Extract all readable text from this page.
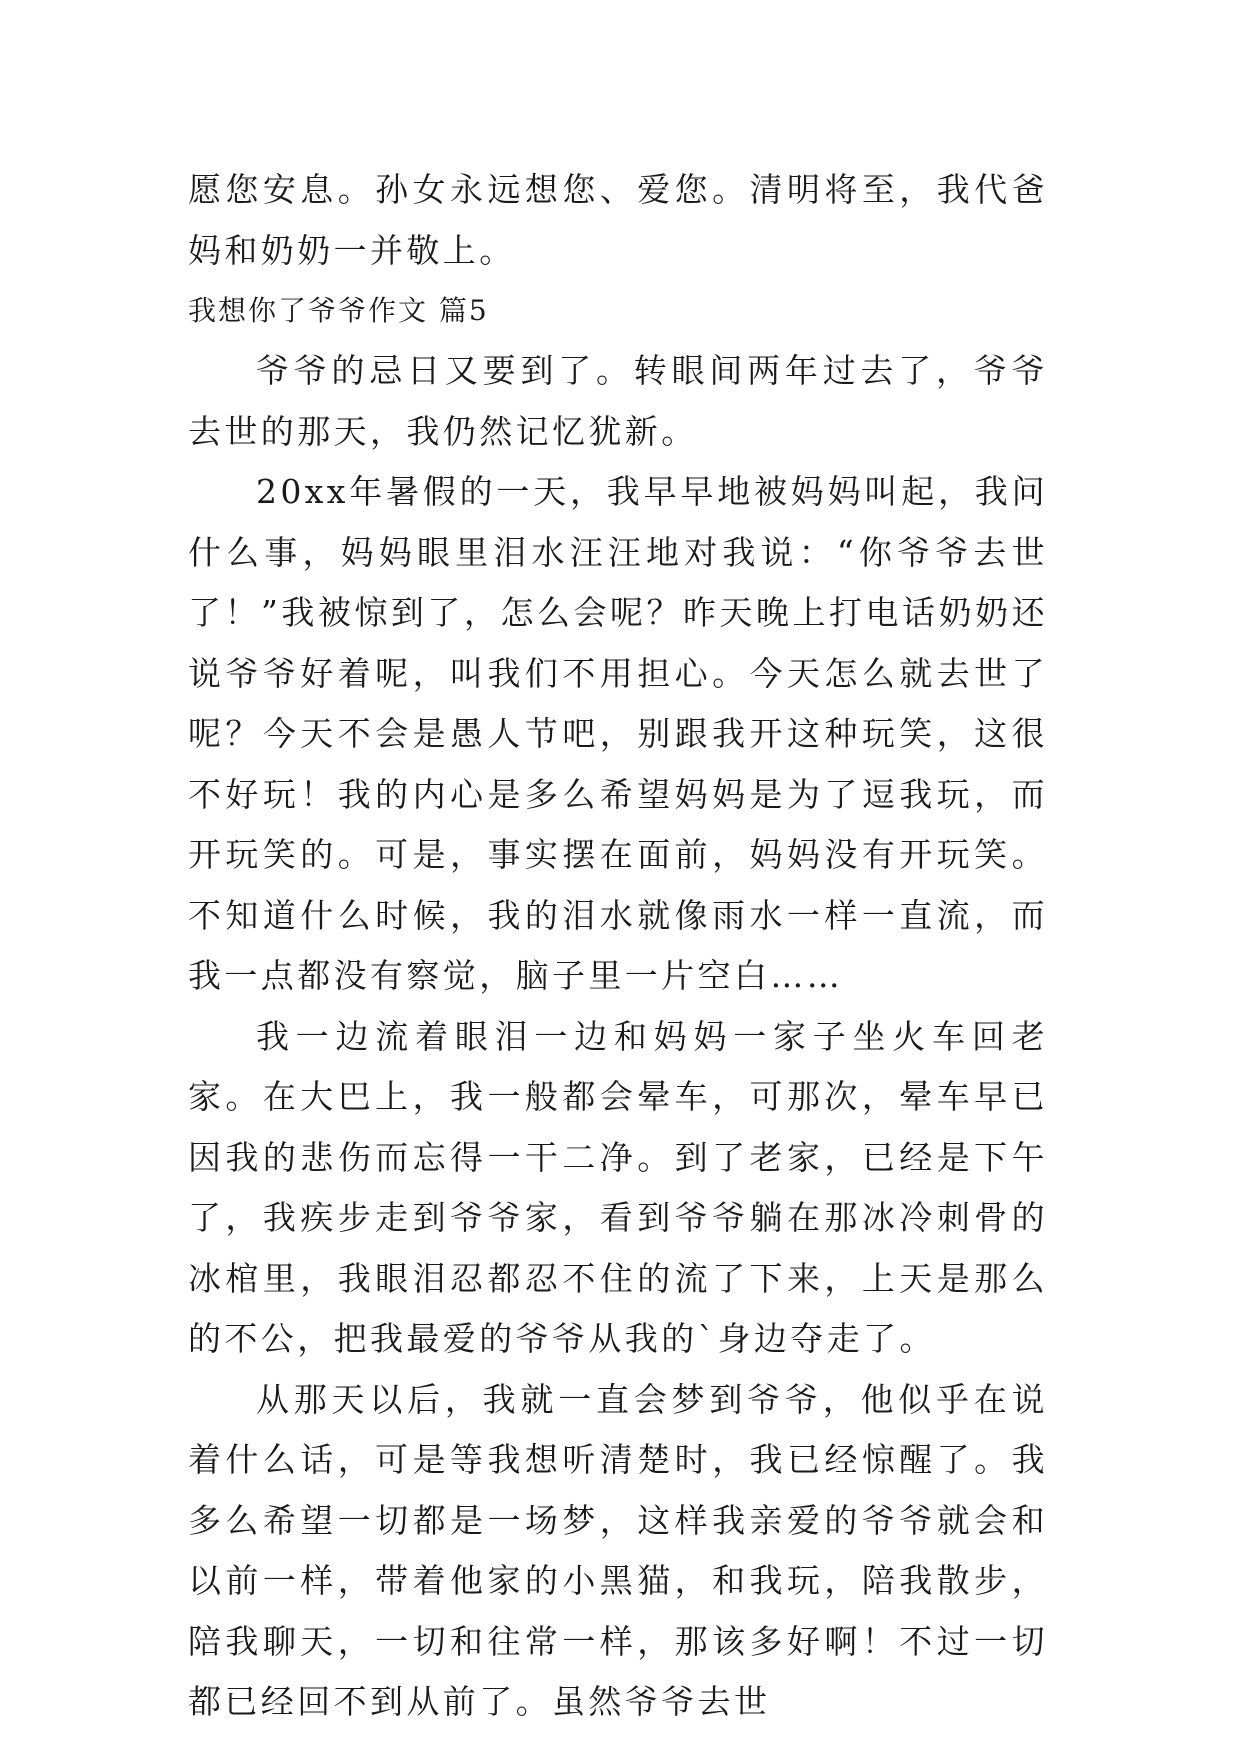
愿您安息。孙女永远想您、爱您。清明将至，我代爸妈和奶奶一并敬上。

我想你了爷爷作文 篇5

爷爷的忌日又要到了。转眼间两年过去了，爷爷去世的那天，我仍然记忆犹新。

20xx年暑假的一天，我早早地被妈妈叫起，我问什么事，妈妈眼里泪水汪汪地对我说：“你爷爷去世了！”我被惊到了，怎么会呢？昨天晚上打电话奶奶还说爷爷好着呢，叫我们不用担心。今天怎么就去世了呢？今天不会是愚人节吧，别跟我开这种玩笑，这很不好玩！我的内心是多么希望妈妈是为了逗我玩，而开玩笑的。可是，事实摆在面前，妈妈没有开玩笑。不知道什么时候，我的泪水就像雨水一样一直流，而我一点都没有察觉，脑子里一片空白……

我一边流着眼泪一边和妈妈一家子坐火车回老家。在大巴上，我一般都会晕车，可那次，晕车早已因我的悲伤而忘得一干二净。到了老家，已经是下午了，我疾步走到爷爷家，看到爷爷躺在那冰冷刺骨的冰棺里，我眼泪忍都忍不住的流了下来，上天是那么的不公，把我最爱的爷爷从我的`身边夺走了。

从那天以后，我就一直会梦到爷爷，他似乎在说着什么话，可是等我想听清楚时，我已经惊醒了。我多么希望一切都是一场梦，这样我亲爱的爷爷就会和以前一样，带着他家的小黑猫，和我玩，陪我散步，陪我聊天，一切和往常一样，那该多好啊！不过一切都已经回不到从前了。虽然爷爷去世
